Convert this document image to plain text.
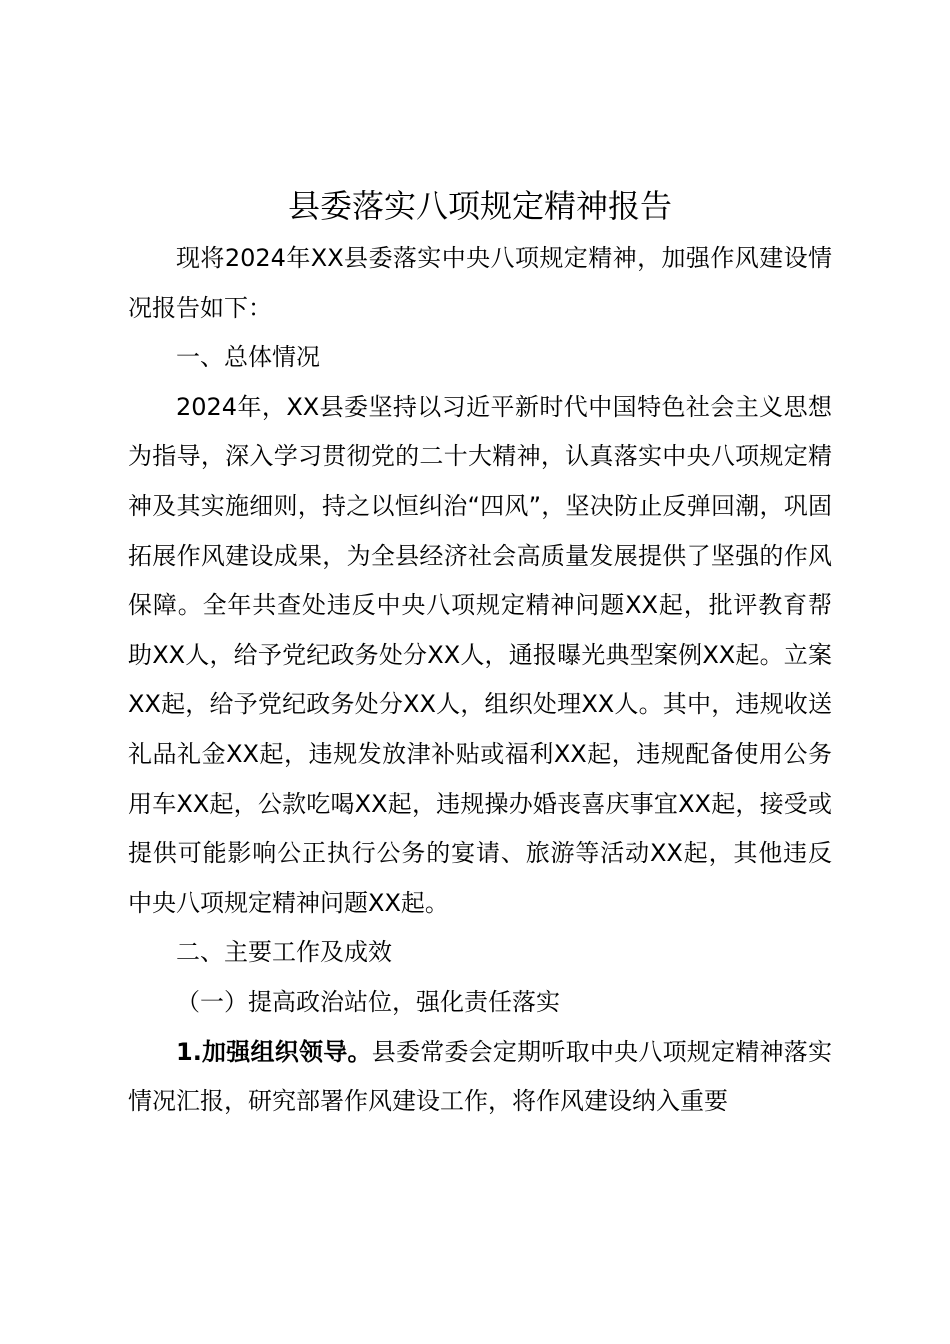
县委落实八项规定精神报告

现将2024年XX县委落实中央八项规定精神，加强作风建设情况报告如下：

一、总体情况

2024年，XX县委坚持以习近平新时代中国特色社会主义思想为指导，深入学习贯彻党的二十大精神，认真落实中央八项规定精神及其实施细则，持之以恒纠治“四风”，坚决防止反弹回潮，巩固拓展作风建设成果，为全县经济社会高质量发展提供了坚强的作风保障。全年共查处违反中央八项规定精神问题XX起，批评教育帮助XX人，给予党纪政务处分XX人，通报曝光典型案例XX起。立案XX起，给予党纪政务处分XX人，组织处理XX人。其中，违规收送礼品礼金XX起，违规发放津补贴或福利XX起，违规配备使用公务用车XX起，公款吃喝XX起，违规操办婚丧喜庆事宜XX起，接受或提供可能影响公正执行公务的宴请、旅游等活动XX起，其他违反中央八项规定精神问题XX起。

二、主要工作及成效

（一）提高政治站位，强化责任落实

1.加强组织领导。县委常委会定期听取中央八项规定精神落实情况汇报，研究部署作风建设工作，将作风建设纳入重要
